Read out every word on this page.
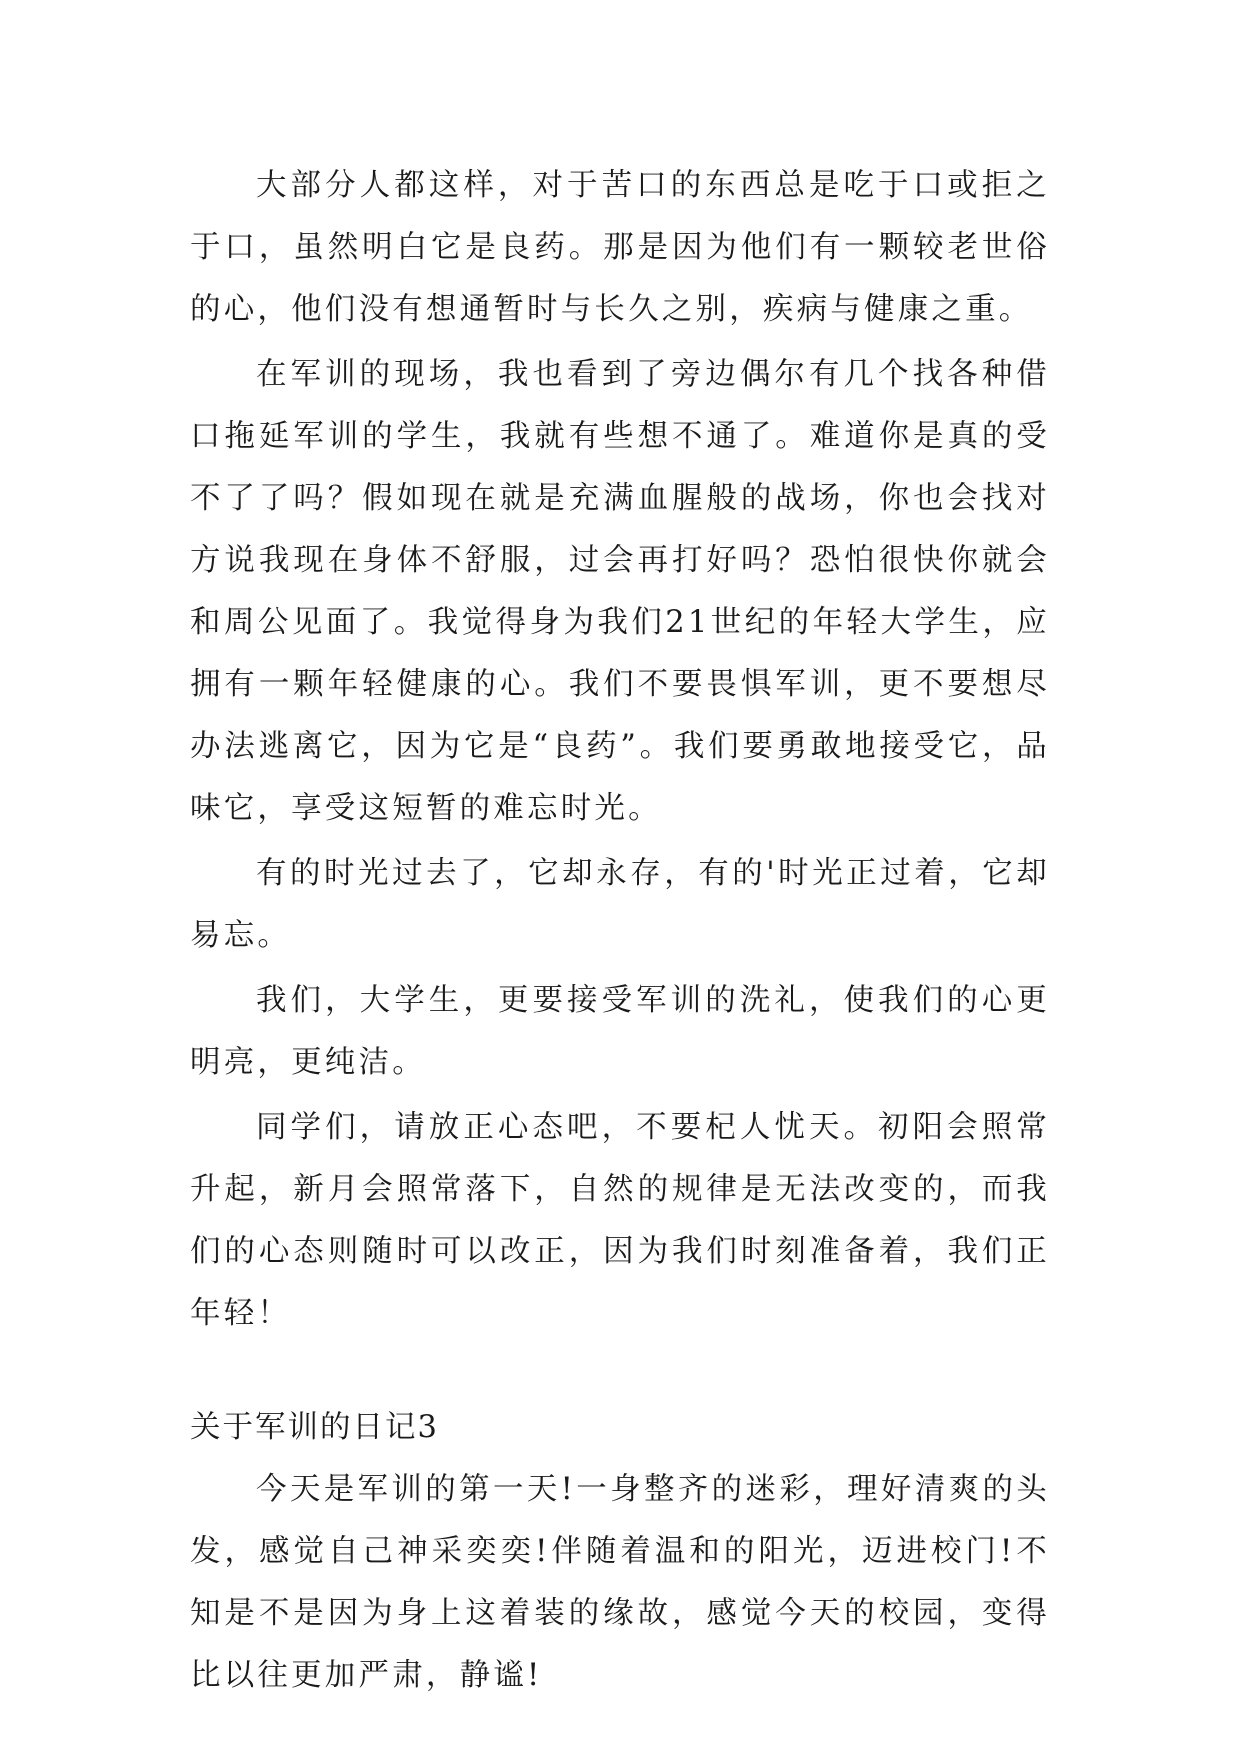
大部分人都这样，对于苦口的东西总是吃于口或拒之于口，虽然明白它是良药。那是因为他们有一颗较老世俗的心，他们没有想通暂时与长久之别，疾病与健康之重。

在军训的现场，我也看到了旁边偶尔有几个找各种借口拖延军训的学生，我就有些想不通了。难道你是真的受不了了吗？假如现在就是充满血腥般的战场，你也会找对方说我现在身体不舒服，过会再打好吗？恐怕很快你就会和周公见面了。我觉得身为我们21世纪的年轻大学生，应拥有一颗年轻健康的心。我们不要畏惧军训，更不要想尽办法逃离它，因为它是“良药”。我们要勇敢地接受它，品味它，享受这短暂的难忘时光。

有的时光过去了，它却永存，有的'时光正过着，它却易忘。

我们，大学生，更要接受军训的洗礼，使我们的心更明亮，更纯洁。

同学们，请放正心态吧，不要杞人忧天。初阳会照常升起，新月会照常落下，自然的规律是无法改变的，而我们的心态则随时可以改正，因为我们时刻准备着，我们正年轻！

关于军训的日记3

今天是军训的第一天!一身整齐的迷彩，理好清爽的头发，感觉自己神采奕奕!伴随着温和的阳光，迈进校门!不知是不是因为身上这着装的缘故，感觉今天的校园，变得比以往更加严肃，静谧!
